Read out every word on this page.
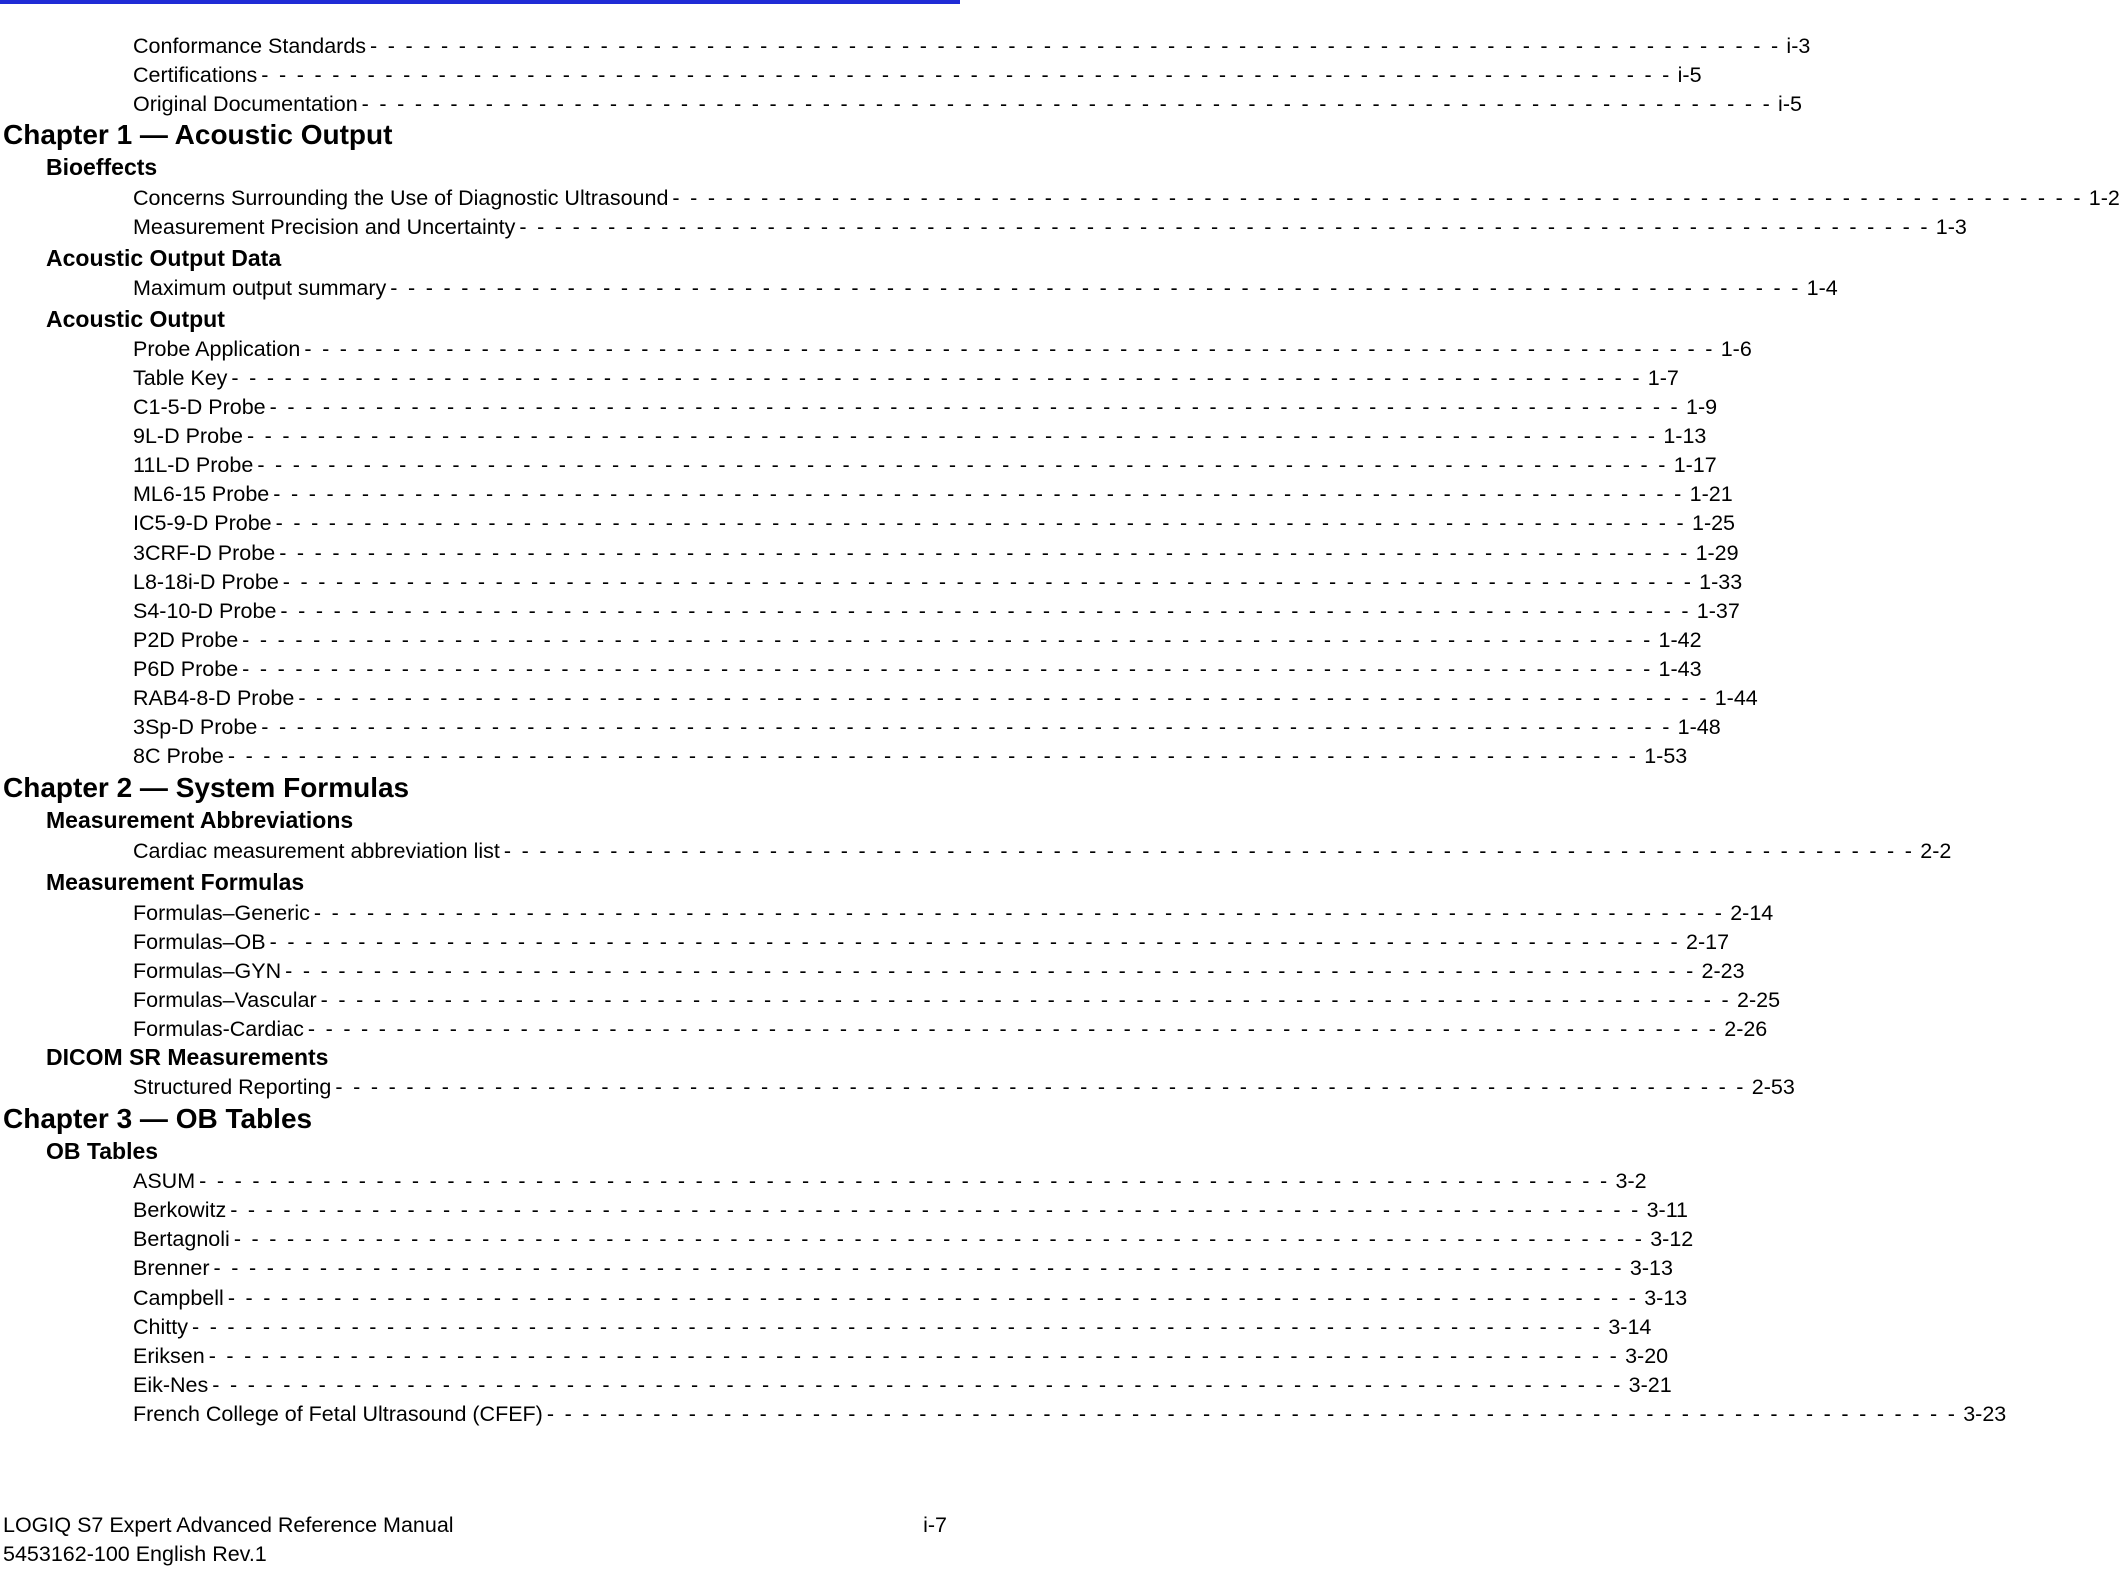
Conformance Standards - - - - - - - - - - - - - - - - - - - - - - - - - - - - - - - - - - - - - - - - - - - - - - - - - - - - - - - - - - - - - - - - - - - - - - - - - - - - - - - - i-3
Certifications - - - - - - - - - - - - - - - - - - - - - - - - - - - - - - - - - - - - - - - - - - - - - - - - - - - - - - - - - - - - - - - - - - - - - - - - - - - - - - - - i-5
Original Documentation - - - - - - - - - - - - - - - - - - - - - - - - - - - - - - - - - - - - - - - - - - - - - - - - - - - - - - - - - - - - - - - - - - - - - - - - - - - - - - - - i-5
Chapter 1 — Acoustic Output
Bioeffects
Concerns Surrounding the Use of Diagnostic Ultrasound - - - - - - - - - - - - - - - - - - - - - - - - - - - - - - - - - - - - - - - - - - - - - - - - - - - - - - - - - - - - - - - - - - - - - - - - - - - - - - - - 1-2
Measurement Precision and Uncertainty - - - - - - - - - - - - - - - - - - - - - - - - - - - - - - - - - - - - - - - - - - - - - - - - - - - - - - - - - - - - - - - - - - - - - - - - - - - - - - - - 1-3
Acoustic Output Data
Maximum output summary - - - - - - - - - - - - - - - - - - - - - - - - - - - - - - - - - - - - - - - - - - - - - - - - - - - - - - - - - - - - - - - - - - - - - - - - - - - - - - - - 1-4
Acoustic Output
Probe Application - - - - - - - - - - - - - - - - - - - - - - - - - - - - - - - - - - - - - - - - - - - - - - - - - - - - - - - - - - - - - - - - - - - - - - - - - - - - - - - - 1-6
Table Key - - - - - - - - - - - - - - - - - - - - - - - - - - - - - - - - - - - - - - - - - - - - - - - - - - - - - - - - - - - - - - - - - - - - - - - - - - - - - - - - 1-7
C1-5-D Probe - - - - - - - - - - - - - - - - - - - - - - - - - - - - - - - - - - - - - - - - - - - - - - - - - - - - - - - - - - - - - - - - - - - - - - - - - - - - - - - - 1-9
9L-D Probe - - - - - - - - - - - - - - - - - - - - - - - - - - - - - - - - - - - - - - - - - - - - - - - - - - - - - - - - - - - - - - - - - - - - - - - - - - - - - - - - 1-13
11L-D Probe - - - - - - - - - - - - - - - - - - - - - - - - - - - - - - - - - - - - - - - - - - - - - - - - - - - - - - - - - - - - - - - - - - - - - - - - - - - - - - - - 1-17
ML6-15 Probe - - - - - - - - - - - - - - - - - - - - - - - - - - - - - - - - - - - - - - - - - - - - - - - - - - - - - - - - - - - - - - - - - - - - - - - - - - - - - - - - 1-21
IC5-9-D Probe - - - - - - - - - - - - - - - - - - - - - - - - - - - - - - - - - - - - - - - - - - - - - - - - - - - - - - - - - - - - - - - - - - - - - - - - - - - - - - - - 1-25
3CRF-D Probe - - - - - - - - - - - - - - - - - - - - - - - - - - - - - - - - - - - - - - - - - - - - - - - - - - - - - - - - - - - - - - - - - - - - - - - - - - - - - - - - 1-29
L8-18i-D Probe - - - - - - - - - - - - - - - - - - - - - - - - - - - - - - - - - - - - - - - - - - - - - - - - - - - - - - - - - - - - - - - - - - - - - - - - - - - - - - - - 1-33
S4-10-D Probe - - - - - - - - - - - - - - - - - - - - - - - - - - - - - - - - - - - - - - - - - - - - - - - - - - - - - - - - - - - - - - - - - - - - - - - - - - - - - - - - 1-37
P2D Probe - - - - - - - - - - - - - - - - - - - - - - - - - - - - - - - - - - - - - - - - - - - - - - - - - - - - - - - - - - - - - - - - - - - - - - - - - - - - - - - - 1-42
P6D Probe - - - - - - - - - - - - - - - - - - - - - - - - - - - - - - - - - - - - - - - - - - - - - - - - - - - - - - - - - - - - - - - - - - - - - - - - - - - - - - - - 1-43
RAB4-8-D Probe - - - - - - - - - - - - - - - - - - - - - - - - - - - - - - - - - - - - - - - - - - - - - - - - - - - - - - - - - - - - - - - - - - - - - - - - - - - - - - - - 1-44
3Sp-D Probe - - - - - - - - - - - - - - - - - - - - - - - - - - - - - - - - - - - - - - - - - - - - - - - - - - - - - - - - - - - - - - - - - - - - - - - - - - - - - - - - 1-48
8C Probe - - - - - - - - - - - - - - - - - - - - - - - - - - - - - - - - - - - - - - - - - - - - - - - - - - - - - - - - - - - - - - - - - - - - - - - - - - - - - - - - 1-53
Chapter 2 — System Formulas
Measurement Abbreviations
Cardiac measurement abbreviation list - - - - - - - - - - - - - - - - - - - - - - - - - - - - - - - - - - - - - - - - - - - - - - - - - - - - - - - - - - - - - - - - - - - - - - - - - - - - - - - - 2-2
Measurement Formulas
Formulas–Generic - - - - - - - - - - - - - - - - - - - - - - - - - - - - - - - - - - - - - - - - - - - - - - - - - - - - - - - - - - - - - - - - - - - - - - - - - - - - - - - - 2-14
Formulas–OB - - - - - - - - - - - - - - - - - - - - - - - - - - - - - - - - - - - - - - - - - - - - - - - - - - - - - - - - - - - - - - - - - - - - - - - - - - - - - - - - 2-17
Formulas–GYN - - - - - - - - - - - - - - - - - - - - - - - - - - - - - - - - - - - - - - - - - - - - - - - - - - - - - - - - - - - - - - - - - - - - - - - - - - - - - - - - 2-23
Formulas–Vascular - - - - - - - - - - - - - - - - - - - - - - - - - - - - - - - - - - - - - - - - - - - - - - - - - - - - - - - - - - - - - - - - - - - - - - - - - - - - - - - - 2-25
Formulas-Cardiac - - - - - - - - - - - - - - - - - - - - - - - - - - - - - - - - - - - - - - - - - - - - - - - - - - - - - - - - - - - - - - - - - - - - - - - - - - - - - - - - 2-26
DICOM SR Measurements
Structured Reporting - - - - - - - - - - - - - - - - - - - - - - - - - - - - - - - - - - - - - - - - - - - - - - - - - - - - - - - - - - - - - - - - - - - - - - - - - - - - - - - - 2-53
Chapter 3 — OB Tables
OB Tables
ASUM - - - - - - - - - - - - - - - - - - - - - - - - - - - - - - - - - - - - - - - - - - - - - - - - - - - - - - - - - - - - - - - - - - - - - - - - - - - - - - - - 3-2
Berkowitz - - - - - - - - - - - - - - - - - - - - - - - - - - - - - - - - - - - - - - - - - - - - - - - - - - - - - - - - - - - - - - - - - - - - - - - - - - - - - - - - 3-11
Bertagnoli - - - - - - - - - - - - - - - - - - - - - - - - - - - - - - - - - - - - - - - - - - - - - - - - - - - - - - - - - - - - - - - - - - - - - - - - - - - - - - - - 3-12
Brenner - - - - - - - - - - - - - - - - - - - - - - - - - - - - - - - - - - - - - - - - - - - - - - - - - - - - - - - - - - - - - - - - - - - - - - - - - - - - - - - - 3-13
Campbell - - - - - - - - - - - - - - - - - - - - - - - - - - - - - - - - - - - - - - - - - - - - - - - - - - - - - - - - - - - - - - - - - - - - - - - - - - - - - - - - 3-13
Chitty - - - - - - - - - - - - - - - - - - - - - - - - - - - - - - - - - - - - - - - - - - - - - - - - - - - - - - - - - - - - - - - - - - - - - - - - - - - - - - - - 3-14
Eriksen - - - - - - - - - - - - - - - - - - - - - - - - - - - - - - - - - - - - - - - - - - - - - - - - - - - - - - - - - - - - - - - - - - - - - - - - - - - - - - - - 3-20
Eik-Nes - - - - - - - - - - - - - - - - - - - - - - - - - - - - - - - - - - - - - - - - - - - - - - - - - - - - - - - - - - - - - - - - - - - - - - - - - - - - - - - - 3-21
French College of Fetal Ultrasound (CFEF) - - - - - - - - - - - - - - - - - - - - - - - - - - - - - - - - - - - - - - - - - - - - - - - - - - - - - - - - - - - - - - - - - - - - - - - - - - - - - - - - 3-23
LOGIQ S7 Expert Advanced Reference Manual	i-7
5453162-100 English Rev.1
